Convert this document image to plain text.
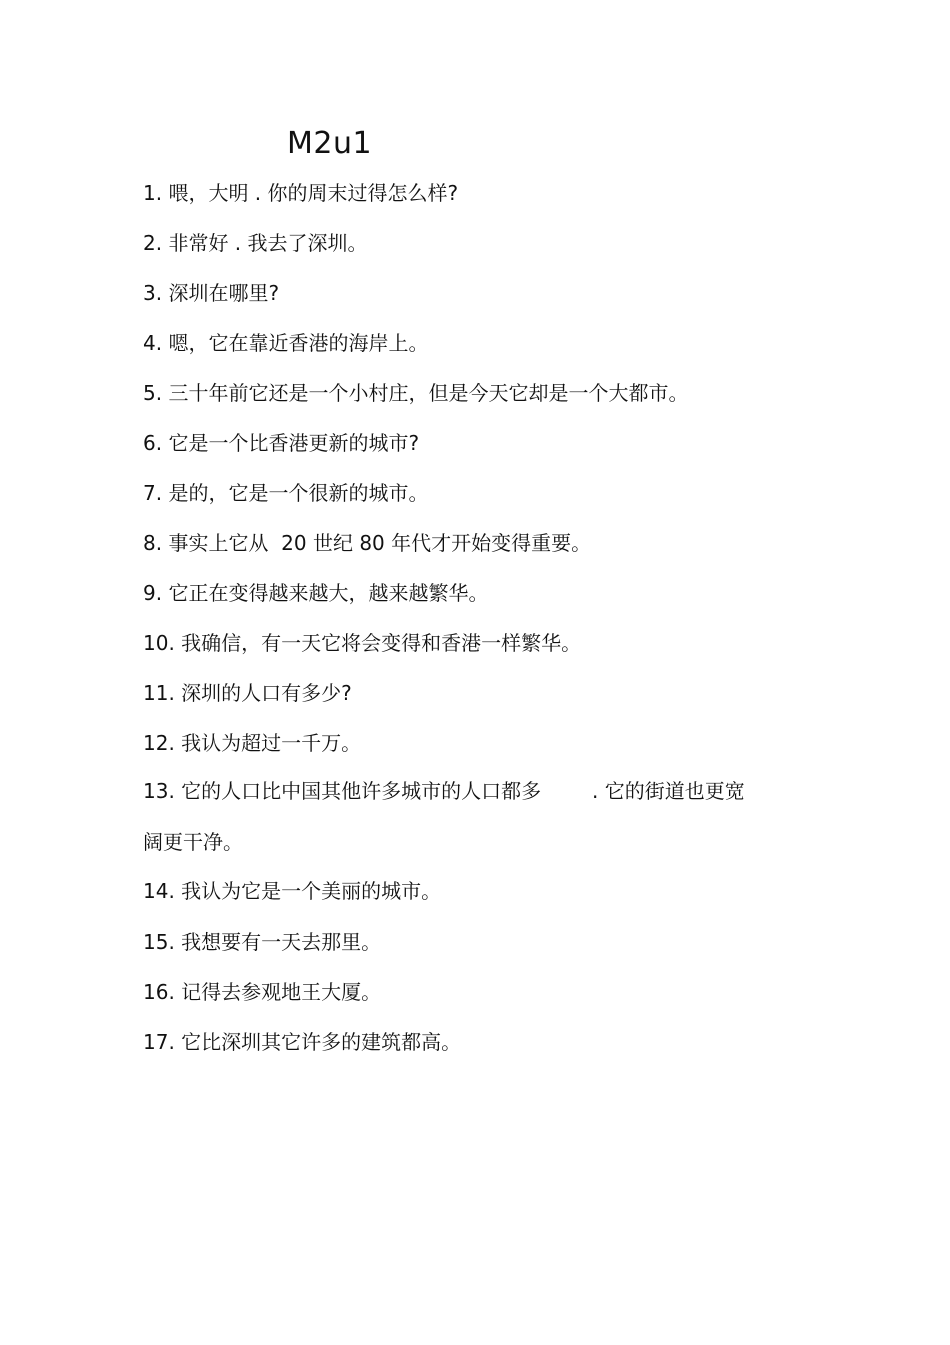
M2u1
1. 喂，大明 . 你的周末过得怎么样?
2. 非常好 . 我去了深圳。
3. 深圳在哪里?
4. 嗯，它在靠近香港的海岸上。
5. 三十年前它还是一个小村庄，但是今天它却是一个大都市。
6. 它是一个比香港更新的城市?
7. 是的，它是一个很新的城市。
8. 事实上它从  20 世纪 80 年代才开始变得重要。
9. 它正在变得越来越大，越来越繁华。
10. 我确信，有一天它将会变得和香港一样繁华。
11. 深圳的人口有多少?
12. 我认为超过一千万。
13. 它的人口比中国其他许多城市的人口都多        . 它的街道也更宽
阔更干净。
14. 我认为它是一个美丽的城市。
15. 我想要有一天去那里。
16. 记得去参观地王大厦。
17. 它比深圳其它许多的建筑都高。
